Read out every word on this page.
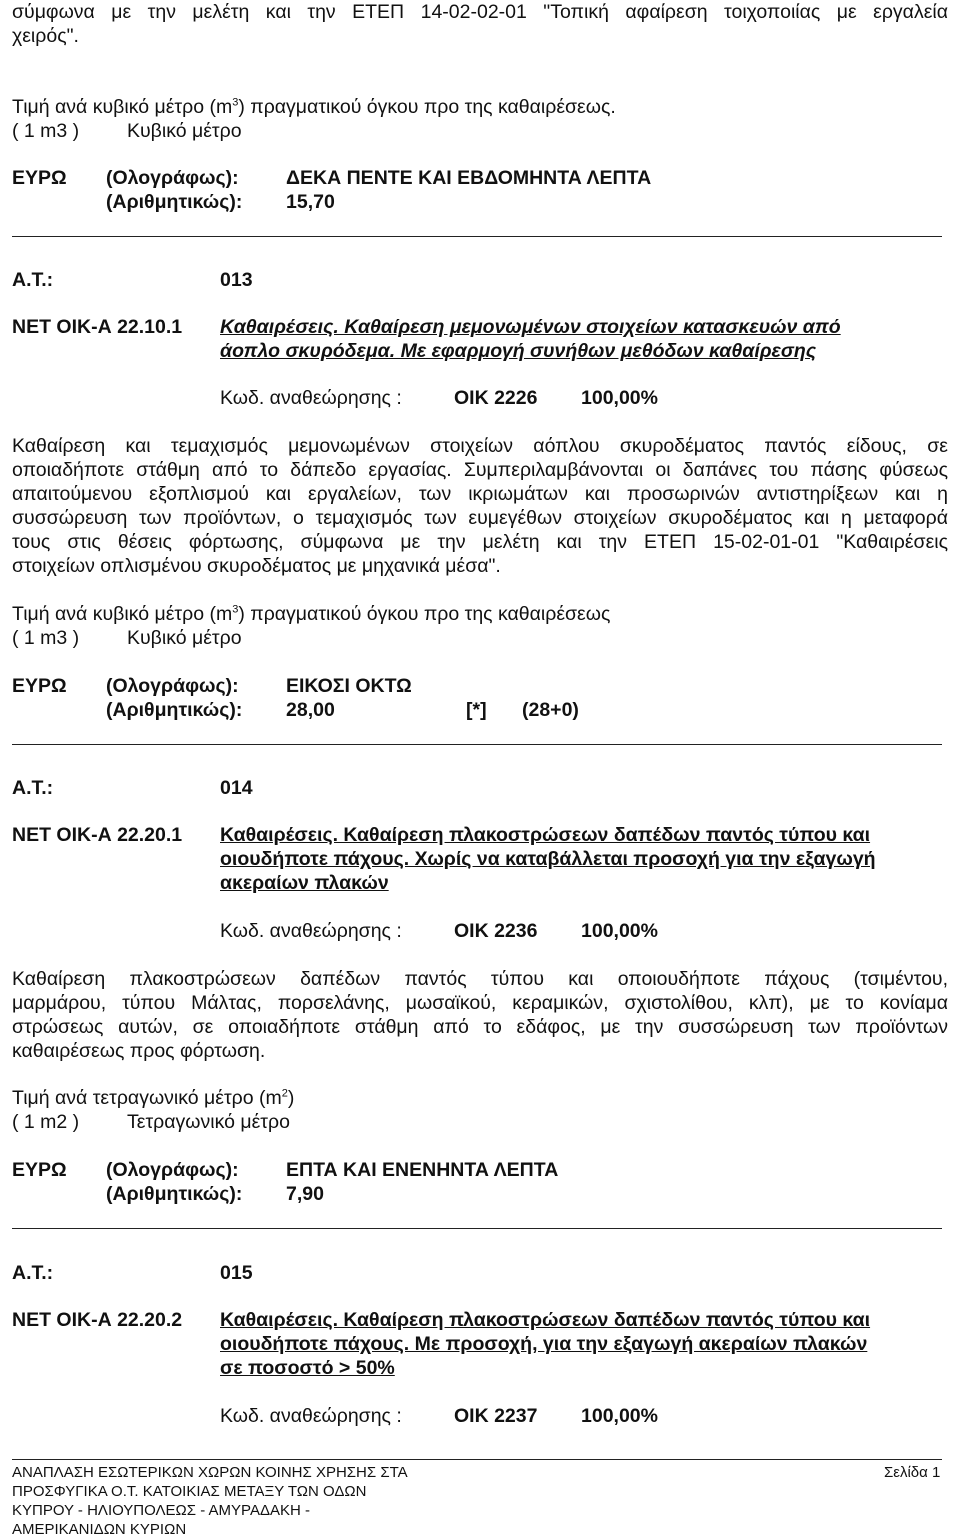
σύμφωνα με την μελέτη και την ΕΤΕΠ 14-02-02-01 "Τοπική αφαίρεση τοιχοποιίας με εργαλεία

χειρός".

Τιμή ανά κυβικό μέτρο $(m^3)$ πραγματικού όγκου προ της καθαιρέσεως.
( 1 m3 ) Κυβικό μέτρο
ΕΥΡΩ (Ολογράφως): ΔΕΚΑ ΠΕΝΤΕ ΚΑΙ ΕΒΔΟΜΗΝΤΑ ΛΕΠΤΑ
(Αριθμητικώς): 15,70
Α.Τ.:	013
ΝΕΤ ΟΙΚ-Α 22.10.1 Καθαιρέσεις. Καθαίρεση μεμονωμένων στοιχείων κατασκευών από

άοπλο σκυρόδεμα. Με εφαρμογή συνήθων μεθόδων καθαίρεσης

Κωδ. αναθεώρησης :	ΟΙΚ 2226 100,00%

Καθαίρεση και τεμαχισμός μεμονωμένων στοιχείων αόπλου σκυροδέματος παντός είδους, σε

οποιαδήποτε στάθμη από το δάπεδο εργασίας. Συμπεριλαμβάνονται οι δαπάνες του πάσης φύσεως

απαιτούμενου εξοπλισμού και εργαλείων, των ικριωμάτων και προσωρινών αντιστηρίξεων και η

συσσώρευση των προϊόντων, ο τεμαχισμός των ευμεγέθων στοιχείων σκυροδέματος και η μεταφορά

τους στις θέσεις φόρτωσης, σύμφωνα με την μελέτη και την ΕΤΕΠ 15-02-01-01 "Καθαιρέσεις

στοιχείων οπλισμένου σκυροδέματος με μηχανικά μέσα".

Τιμή ανά κυβικό μέτρο $(m^3)$ πραγματικού όγκου προ της καθαιρέσεως
( 1 m3 ) Κυβικό μέτρο
ΕΥΡΩ (Ολογράφως): ΕΙΚΟΣΙ ΟΚΤΩ
(Αριθμητικώς): 28,00	[*] (28+0)
Α.Τ.:	014
ΝΕΤ ΟΙΚ-Α 22.20.1 Καθαιρέσεις. Καθαίρεση πλακοστρώσεων δαπέδων παντός τύπου και

οιουδήποτε πάχους. Χωρίς να καταβάλλεται προσοχή για την εξαγωγή

ακεραίων πλακών

Κωδ. αναθεώρησης :	ΟΙΚ 2236 100,00%

Καθαίρεση πλακοστρώσεων δαπέδων παντός τύπου και οποιουδήποτε πάχους (τσιμέντου,

μαρμάρου, τύπου Μάλτας, πορσελάνης, μωσαϊκού, κεραμικών, σχιστολίθου, κλπ), με το κονίαμα

στρώσεως αυτών, σε οποιαδήποτε στάθμη από το εδάφος, με την συσσώρευση των προϊόντων

καθαιρέσεως προς φόρτωση.

Τιμή ανά τετραγωνικό μέτρο $(m^2)$
( 1 m2 ) Τετραγωνικό μέτρο
ΕΥΡΩ (Ολογράφως): ΕΠΤΑ ΚΑΙ ΕΝΕΝΗΝΤΑ ΛΕΠΤΑ
(Αριθμητικώς): 7,90
Α.Τ.:	015
ΝΕΤ ΟΙΚ-Α 22.20.2 Καθαιρέσεις. Καθαίρεση πλακοστρώσεων δαπέδων παντός τύπου και

οιουδήποτε πάχους. Με προσοχή, για την εξαγωγή ακεραίων πλακών

σε ποσοστό > 50%

Κωδ. αναθεώρησης :	ΟΙΚ 2237 100,00%
ΑΝΑΠΛΑΣΗ ΕΣΩΤΕΡΙΚΩΝ ΧΩΡΩΝ ΚΟΙΝΗΣ ΧΡΗΣΗΣ ΣΤΑ
ΠΡΟΣΦΥΓΙΚΑ Ο.Τ. ΚΑΤΟΙΚΙΑΣ ΜΕΤΑΞΥ ΤΩΝ ΟΔΩΝ
ΚΥΠΡΟΥ - ΗΛΙΟΥΠΟΛΕΩΣ - ΑΜΥΡΑΔΑΚΗ -
ΑΜΕΡΙΚΑΝΙΔΩΝ ΚΥΡΙΩΝ
Σελίδα 1
